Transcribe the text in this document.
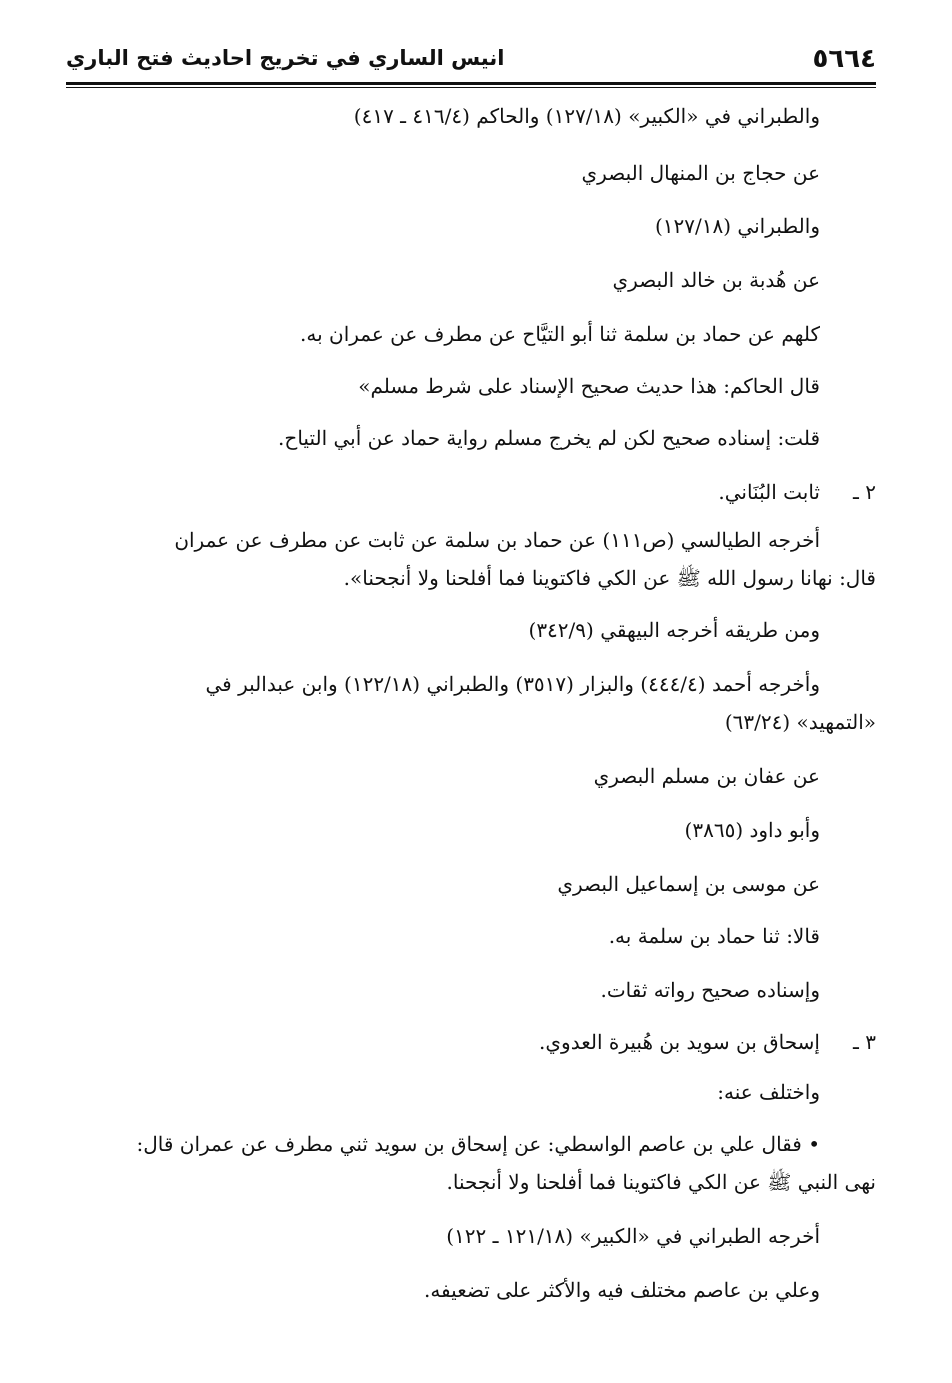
٥٦٦٤
انيس الساري في تخريج احاديث فتح الباري
والطبراني في «الكبير» (١٢٧/١٨) والحاكم (٤١٦/٤ ـ ٤١٧)
عن حجاج بن المنهال البصري
والطبراني (١٢٧/١٨)
عن هُدبة بن خالد البصري
كلهم عن حماد بن سلمة ثنا أبو التيَّاح عن مطرف عن عمران به.
قال الحاكم: هذا حديث صحيح الإسناد على شرط مسلم»
قلت: إسناده صحيح لكن لم يخرج مسلم رواية حماد عن أبي التياح.
٢ ـثابت البُنَاني.
أخرجه الطيالسي (ص١١١) عن حماد بن سلمة عن ثابت عن مطرف عن عمران
قال: نهانا رسول الله ﷺ عن الكي فاكتوينا فما أفلحنا ولا أنجحنا».
ومن طريقه أخرجه البيهقي (٣٤٢/٩)
وأخرجه أحمد (٤٤٤/٤) والبزار (٣٥١٧) والطبراني (١٢٢/١٨) وابن عبدالبر في
«التمهيد» (٦٣/٢٤)
عن عفان بن مسلم البصري
وأبو داود (٣٨٦٥)
عن موسى بن إسماعيل البصري
قالا: ثنا حماد بن سلمة به.
وإسناده صحيح رواته ثقات.
٣ ـإسحاق بن سويد بن هُبيرة العدوي.
واختلف عنه:
• فقال علي بن عاصم الواسطي: عن إسحاق بن سويد ثني مطرف عن عمران قال:
نهى النبي ﷺ عن الكي فاكتوينا فما أفلحنا ولا أنجحنا.
أخرجه الطبراني في «الكبير» (١٢١/١٨ ـ ١٢٢)
وعلي بن عاصم مختلف فيه والأكثر على تضعيفه.
